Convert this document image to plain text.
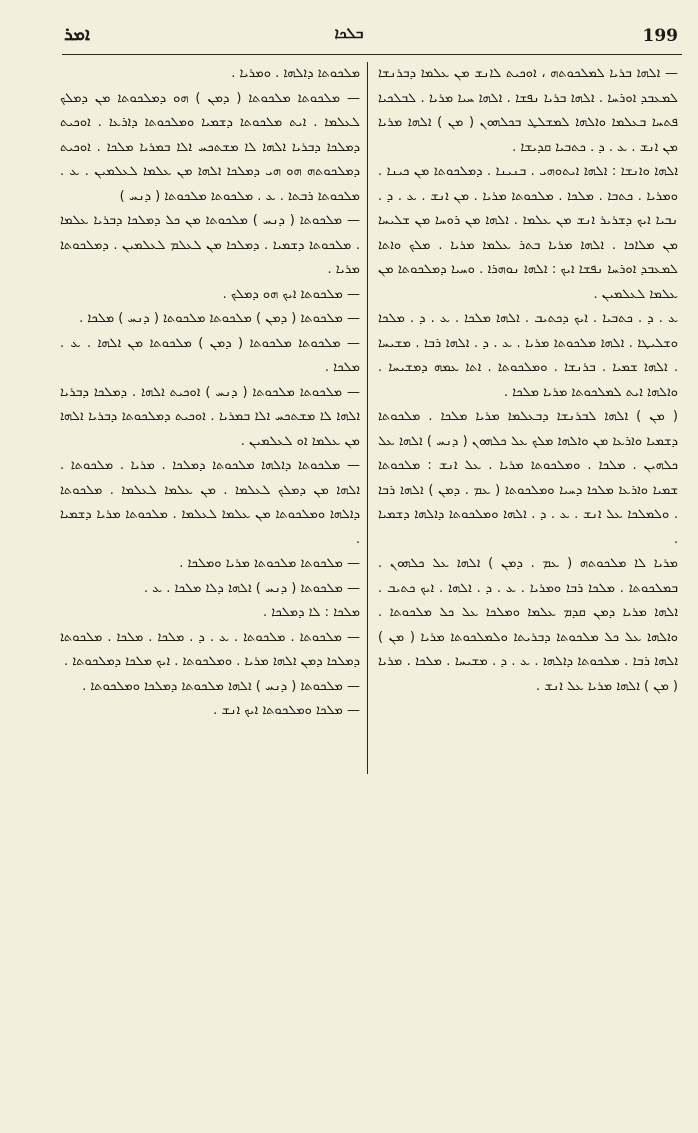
199
ܒܠܟܐ
ܐܡܪ

— ܐܠܗܐ ܒܪܝܐ ܠܡܠܟܘܬܗ ، ܐܘܟܝܬ ܠܐܢܫ ܡܢ ܥܠܡܐ ܕܒܪܢܫܐ ܠܡܥܒܕ ܐܘܪܚܐ . ܐܠܗܐ ܒܪܝܐ ܢܦܫܐ . ܐܠܗܐ ܚܝܐ ܡܪܝܐ . ܠܒܠܟܝܐ ܦܬܚܐ ܒܥܠܡܐ ܘܐܠܗܐ ܠܡܫܠܛ ܒܟܠܗܘܢ ( ܡܢ ) ܐܠܗܐ ܡܪܝܐ ܡܢ ܐܢܫ . ܥ . ܕ . ܟܬܒܝܐ ܩܕܝܫܐ .

ܐܠܗܐ ܘܐܢܫܐ : ܐܠܗܐ ܐܝܬܘܗܝ . ܒܢܝܢܐ . ܕܡܠܟܘܬܐ ܡܢ ܟܝܢܐ . ܘܡܪܝܐ . ܟܬܒܐ . ܡܠܟܐ . ܡܠܟܘܬܐ ܡܪܝܐ . ܡܢ ܐܢܫ . ܥ . ܕ . ܢܒܝܐ ܐܝܟ ܕܫܪܝܪ ܐܢܫ ܡܢ ܥܠܡܐ . ܐܠܗܐ ܡܢ ܪܘܚܐ ܡܢ ܫܠܝܚܐ ܡܢ ܡܠܐܟܐ . ܐܠܗܐ ܡܪܝܐ ܒܬܪ ܥܠܡܐ ܡܪܝܐ . ܡܠܟ ܘܐܬܐ ܠܡܥܒܕ ܐܘܪܚܐ ܢܦܫܐ ܐܝܟ : ܐܠܗܐ ܢܘܗܪܐ . ܘܚܝܐ ܕܡܠܟܘܬܐ ܡܢ ܥܠܡܐ ܠܥܠܡܝܢ .

ܥ . ܕ . ܟܬܒܝܐ . ܐܝܟ ܕܟܬܝܒ . ܐܠܗܐ ܡܠܟܐ . ܥ . ܕ . ܡܠܟܐ ܘܫܠܝܛܐ . ܐܠܗܐ ܡܠܟܘܬܐ ܡܪܝܐ . ܥ . ܕ . ܐܠܗܐ ܪܒܐ . ܡܫܝܚܐ . ܐܠܗܐ ܫܡܝܐ . ܒܪܢܫܐ . ܘܡܠܟܘܬܐ . ܐܬܐ ܥܡܗ ܕܡܫܝܚܐ . ܘܐܠܗܐ ܐܝܬ ܠܡܠܟܘܬܐ ܡܪܝܐ ܡܠܟܐ .

( ܡܢ ) ܐܠܗܐ ܠܒܪܢܫܐ ܕܒܥܠܡܐ ܡܪܝܐ ܡܠܟܐ . ܡܠܟܘܬܐ ܕܫܡܝܐ ܘܐܪܥܐ ܡܢ ܘܐܠܗܐ ܡܠܟ ܥܠ ܟܠܗܘܢ ( ܕܢܚ ) ܐܠܗܐ ܥܠ ܟܠܗܝܢ . ܡܠܟܐ . ܘܡܠܟܘܬܐ ܡܪܝܐ . ܥܠ ܐܢܫ : ܡܠܟܘܬܐ ܫܡܝܐ ܘܐܪܥܐ ܡܠܟܐ ܕܚܝܐ ܘܡܠܟܘܬܐ ( ܥܡ . ܕܡܢ ) ܐܠܗܐ ܪܒܐ . ܘܠܡܠܟܐ ܥܠ ܐܢܫ . ܥ . ܕ . ܐܠܗܐ ܘܡܠܟܘܬܐ ܕܐܠܗܐ ܕܫܡܝܐ .

ܡܪܝܐ ܠܐ ܡܠܟܘܬܗ ( ܥܡ . ܕܡܢ ) ܐܠܗܐ ܥܠ ܟܠܗܘܢ . ܒܡܠܟܘܬܐ . ܡܠܟܐ ܪܒܐ ܘܡܪܝܐ . ܥ . ܕ . ܐܠܗܐ . ܐܝܟ ܟܬܝܒ . ܐܠܗܐ ܡܪܝܐ ܕܡܢ ܩܕܡ ܥܠܡܐ ܘܡܠܟܐ ܥܠ ܟܠ ܡܠܟܘܬܐ . ܘܐܠܗܐ ܥܠ ܟܠ ܡܠܟܘܬܐ ܕܒܪܝܬܐ ܘܠܡܠܟܘܬܐ ܡܪܝܐ ( ܡܢ ) ܐܠܗܐ ܪܒܐ . ܡܠܟܘܬܐ ܕܐܠܗܐ . ܥ . ܕ . ܡܫܝܚܐ . ܡܠܟܐ . ܡܪܝܐ ( ܡܢ ) ܐܠܗܐ ܡܪܝܐ ܥܠ ܐܢܫ .

ܡܠܟܘܬܐ ܕܐܠܗܐ . ܘܡܪܝܐ .

— ܡܠܟܘܬܐ ܡܠܟܘܬܐ ( ܕܡܢ ) ܗܘ ܕܡܠܟܘܬܐ ܡܢ ܕܡܠܟ ܠܥܠܡܐ . ܐܝܬ ܡܠܟܘܬܐ ܕܫܡܝܐ ܘܡܠܟܘܬܐ ܕܐܪܥܐ . ܐܘܟܝܬ ܕܡܠܟܐ ܕܒܪܝܐ ܐܠܗܐ ܠܐ ܡܫܬܟܚ ܐܠܐ ܒܡܪܝܐ ܡܠܟܐ . ܐܘܟܝܬ ܕܡܠܟܘܬܗ ܗܘ ܗܝ ܕܡܠܟܐ ܐܠܗܐ ܡܢ ܥܠܡܐ ܠܥܠܡܝܢ . ܥ . ܡܠܟܘܬܐ ܪܒܬܐ . ܥ . ܡܠܟܘܬܐ ܡܠܟܘܬܐ ( ܕܢܚ )

— ܡܠܟܘܬܐ ( ܕܢܚ ) ܡܠܟܘܬܐ ܡܢ ܟܠ ܕܡܠܟܐ ܕܒܪܝܐ ܥܠܡܐ . ܡܠܟܘܬܐ ܕܫܡܝܐ . ܕܡܠܟܐ ܡܢ ܠܥܠܡ ܠܥܠܡܝܢ . ܕܡܠܟܘܬܐ ܡܪܝܐ .

— ܡܠܟܘܬܐ ܐܝܟ ܗܘ ܕܡܠܟ .

— ܡܠܟܘܬܐ ( ܕܡܢ ) ܡܠܟܘܬܐ ܡܠܟܘܬܐ ( ܕܢܚ ) ܡܠܟܐ .

— ܡܠܟܘܬܐ ܡܠܟܘܬܐ ( ܕܡܢ ) ܡܠܟܘܬܐ ܡܢ ܐܠܗܐ . ܥ . ܡܠܟܐ .

— ܡܠܟܘܬܐ ܡܠܟܘܬܐ ( ܕܢܚ ) ܐܘܟܝܬ ܐܠܗܐ . ܕܡܠܟܐ ܕܒܪܝܐ ܐܠܗܐ ܠܐ ܡܫܬܟܚ ܐܠܐ ܒܡܪܝܐ . ܐܘܟܝܬ ܕܡܠܟܘܬܐ ܕܒܪܝܐ ܐܠܗܐ ܡܢ ܥܠܡܐ ܐܘ ܠܥܠܡܝܢ .

— ܡܠܟܘܬܐ ܕܐܠܗܐ ܡܠܟܘܬܐ ܕܡܠܟܐ . ܡܪܝܐ . ܡܠܟܘܬܐ . ܐܠܗܐ ܡܢ ܕܡܠܟ ܠܥܠܡܐ . ܡܢ ܥܠܡܐ ܠܥܠܡܐ . ܡܠܟܘܬܐ ܕܐܠܗܐ ܘܡܠܟܘܬܐ ܡܢ ܥܠܡܐ ܠܥܠܡܐ . ܡܠܟܘܬܐ ܡܪܝܐ ܕܫܡܝܐ .

— ܡܠܟܘܬܐ ܡܠܟܘܬܐ ܡܪܝܐ ܘܡܠܟܐ .

— ܡܠܟܘܬܐ ( ܕܢܚ ) ܐܠܗܐ ܕܠܐ ܡܠܟܐ . ܥ .

ܡܠܟܐ : ܠܐ ܕܡܠܟܐ .

— ܡܠܟܘܬܐ . ܡܠܟܘܬܐ . ܥ . ܕ . ܡܠܟܐ . ܡܠܟܐ . ܡܠܟܘܬܐ ܕܡܠܟܐ ܕܡܢ ܐܠܗܐ ܡܪܝܐ . ܘܡܠܟܘܬܐ . ܐܝܟ ܡܠܟܐ ܕܡܠܟܘܬܐ .

— ܡܠܟܘܬܐ ( ܕܢܚ ) ܐܠܗܐ ܡܠܟܘܬܐ ܕܡܠܟܐ ܘܡܠܟܘܬܐ .

— ܡܠܟܐ ܘܡܠܟܘܬܐ ܐܝܟ ܐܢܫ .
